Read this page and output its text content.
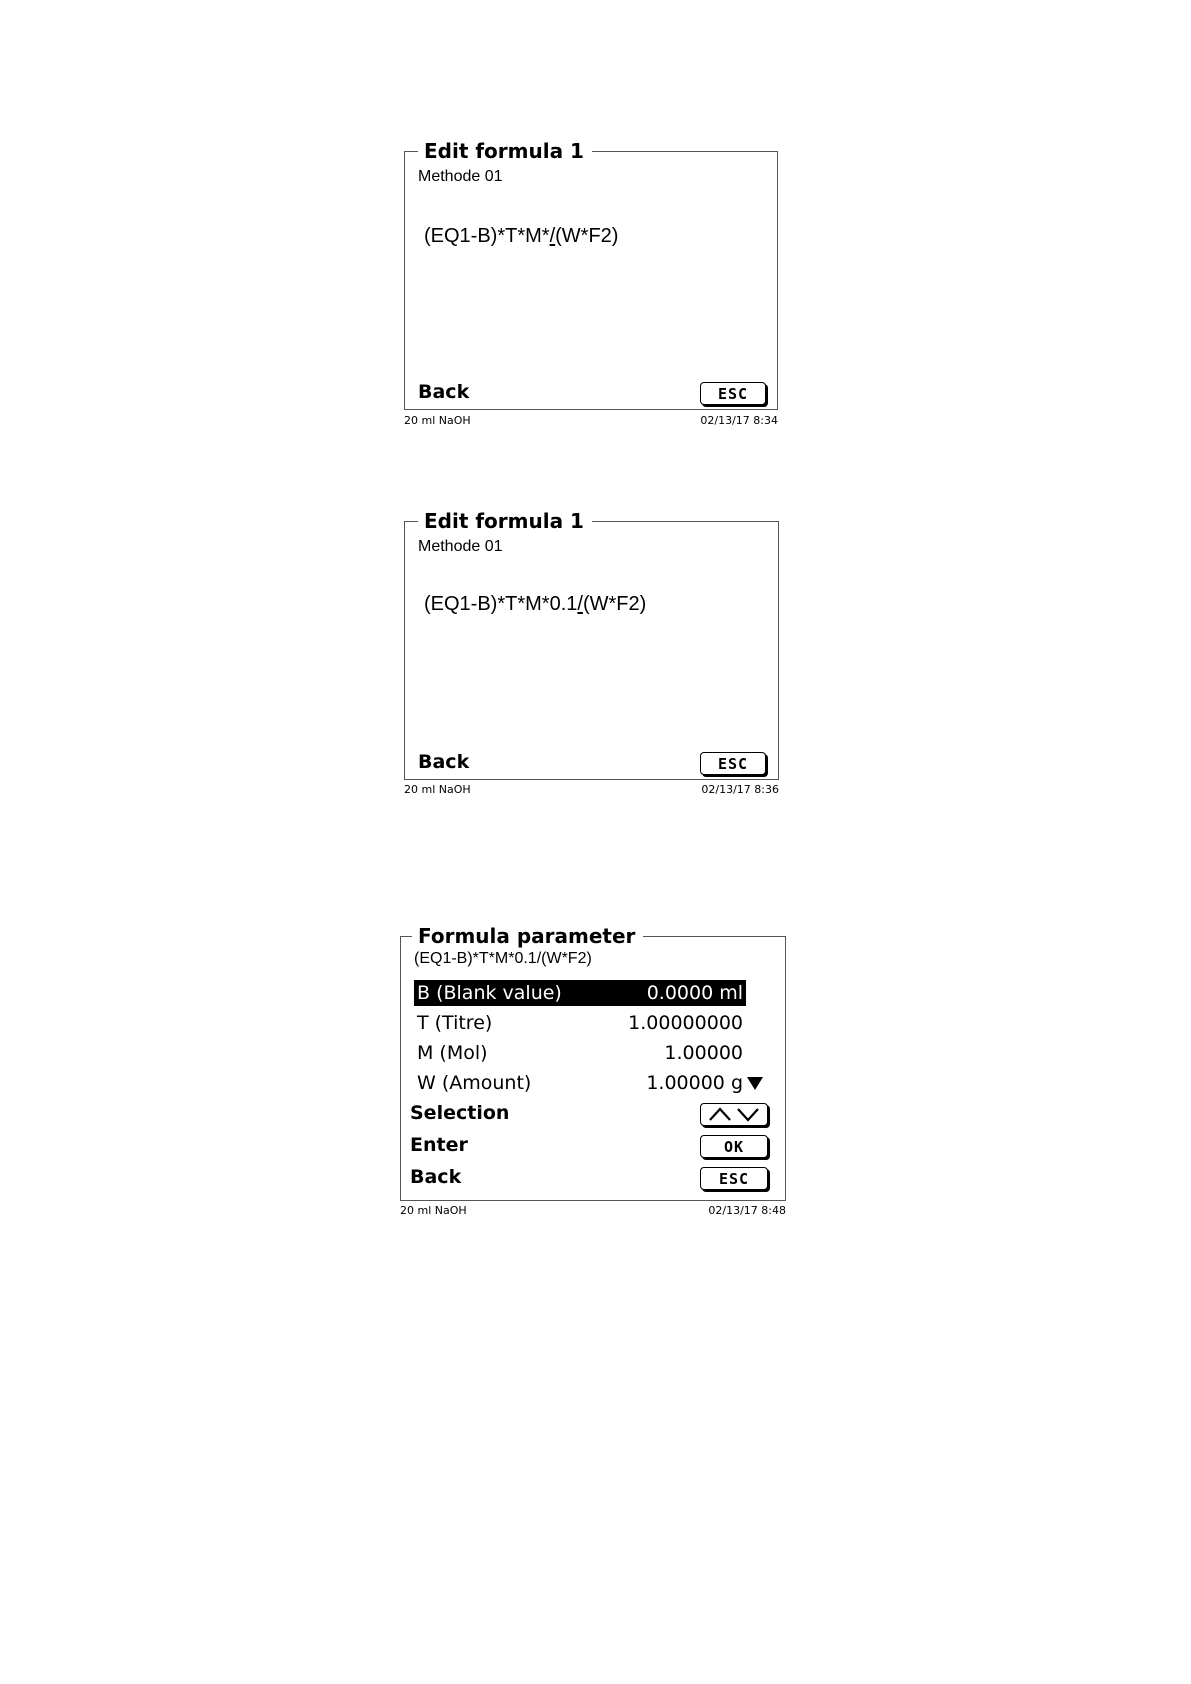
Edit formula 1
Methode 01
(EQ1-B)*T*M*/(W*F2)
Back	ESC
20 ml NaOH	02/13/17 8:34
Edit formula 1
Methode 01
(EQ1-B)*T*M*0.1/(W*F2)
Back	ESC
20 ml NaOH	02/13/17 8:36
Formula parameter
(EQ1-B)*T*M*0.1/(W*F2)
B (Blank value)	0.0000 ml
T (Titre)	1.00000000
M (Mol)	1.00000
W (Amount)	1.00000 g
Selection
Enter	OK
Back	ESC
20 ml NaOH	02/13/17 8:48
